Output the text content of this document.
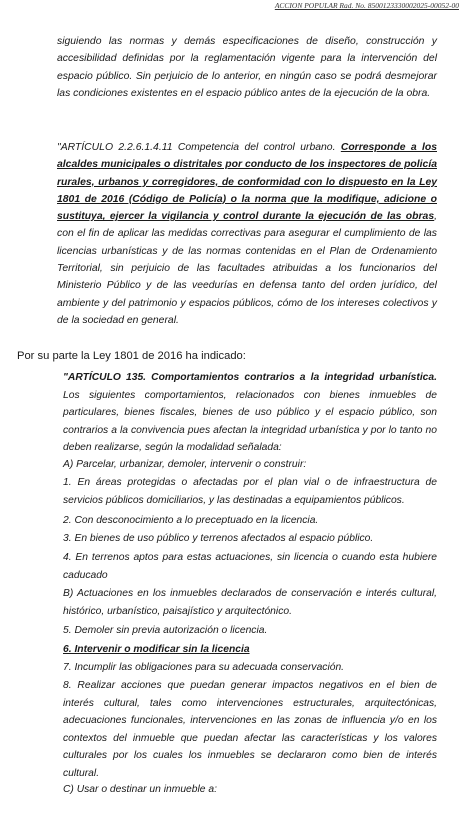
ACCION POPULAR Rad. No. 8500123330002025-00052-00

siguiendo las normas y demás especificaciones de diseño, construcción y accesibilidad definidas por la reglamentación vigente para la intervención del espacio público. Sin perjuicio de lo anterior, en ningún caso se podrá desmejorar las condiciones existentes en el espacio público antes de la ejecución de la obra.

"ARTÍCULO 2.2.6.1.4.11 Competencia del control urbano. Corresponde a los alcaldes municipales o distritales por conducto de los inspectores de policía rurales, urbanos y corregidores, de conformidad con lo dispuesto en la Ley 1801 de 2016 (Código de Policía) o la norma que la modifique, adicione o sustituya, ejercer la vigilancia y control durante la ejecución de las obras, con el fin de aplicar las medidas correctivas para asegurar el cumplimiento de las licencias urbanísticas y de las normas contenidas en el Plan de Ordenamiento Territorial, sin perjuicio de las facultades atribuidas a los funcionarios del Ministerio Público y de las veedurías en defensa tanto del orden jurídico, del ambiente y del patrimonio y espacios públicos, cómo de los intereses colectivos y de la sociedad en general.

Por su parte la Ley 1801 de 2016 ha indicado:

"ARTÍCULO 135. Comportamientos contrarios a la integridad urbanística. Los siguientes comportamientos, relacionados con bienes inmuebles de particulares, bienes fiscales, bienes de uso público y el espacio público, son contrarios a la convivencia pues afectan la integridad urbanística y por lo tanto no deben realizarse, según la modalidad señalada:

A) Parcelar, urbanizar, demoler, intervenir o construir:

1. En áreas protegidas o afectadas por el plan vial o de infraestructura de servicios públicos domiciliarios, y las destinadas a equipamientos públicos.

2. Con desconocimiento a lo preceptuado en la licencia.

3. En bienes de uso público y terrenos afectados al espacio público.

4. En terrenos aptos para estas actuaciones, sin licencia o cuando esta hubiere caducado

B) Actuaciones en los inmuebles declarados de conservación e interés cultural, histórico, urbanístico, paisajístico y arquitectónico.

5. Demoler sin previa autorización o licencia.

6. Intervenir o modificar sin la licencia

7. Incumplir las obligaciones para su adecuada conservación.

8. Realizar acciones que puedan generar impactos negativos en el bien de interés cultural, tales como intervenciones estructurales, arquitectónicas, adecuaciones funcionales, intervenciones en las zonas de influencia y/o en los contextos del inmueble que puedan afectar las características y los valores culturales por los cuales los inmuebles se declararon como bien de interés cultural.

C) Usar o destinar un inmueble a:
